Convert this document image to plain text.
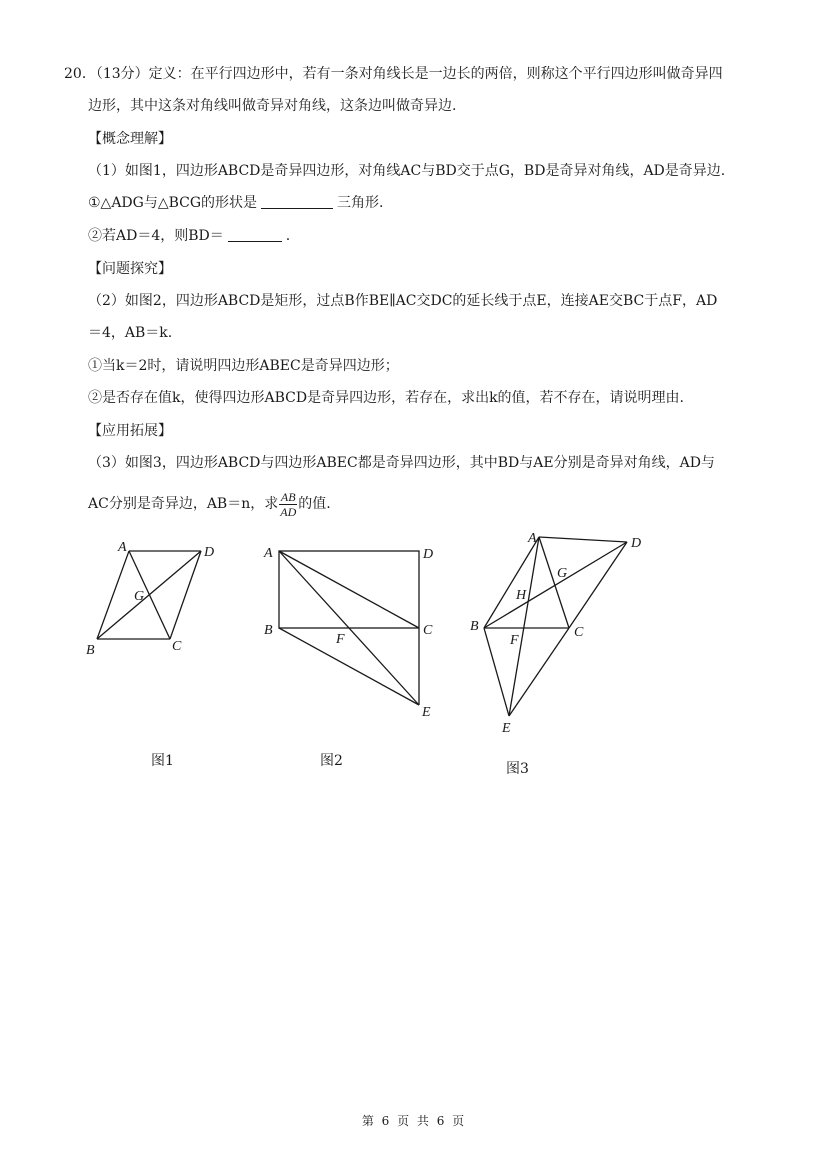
20．（13分）定义：在平行四边形中，若有一条对角线长是一边长的两倍，则称这个平行四边形叫做奇异四
边形，其中这条对角线叫做奇异对角线，这条边叫做奇异边.
【概念理解】
（1）如图1，四边形ABCD是奇异四边形，对角线AC与BD交于点G，BD是奇异对角线，AD是奇异边.
①△ADG与△BCG的形状是	三角形.
②若AD＝4，则BD＝	.
【问题探究】
（2）如图2，四边形ABCD是矩形，过点B作BE∥AC交DC的延长线于点E，连接AE交BC于点F，AD
＝4，AB＝k.
①当k＝2时，请说明四边形ABEC是奇异四边形；
②是否存在值k，使得四边形ABCD是奇异四边形，若存在，求出k的值，若不存在，请说明理由.
【应用拓展】
（3）如图3，四边形ABCD与四边形ABEC都是奇异四边形，其中BD与AE分别是奇异对角线，AD与
AC分别是奇异边，AB＝n，求 $\frac{AB}{AD}$ 的值.
A	D
G
B	C
A	D
B
F
C
E
A	D
G
H
B
F
C
E
图1	图2	图3
第 6 页 共 6 页
